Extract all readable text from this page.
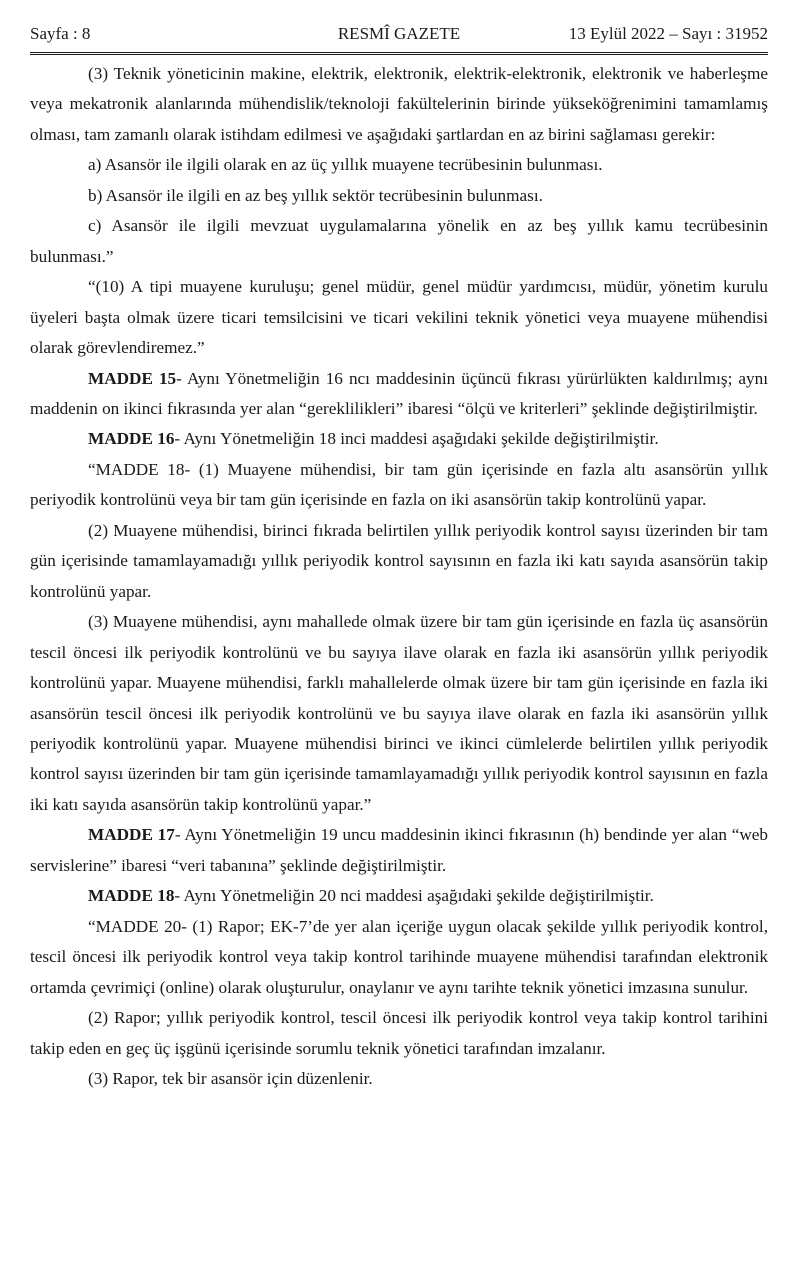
Sayfa : 8	RESMÎ GAZETE	13 Eylül 2022 – Sayı : 31952

(3) Teknik yöneticinin makine, elektrik, elektronik, elektrik-elektronik, elektronik ve haberleşme veya mekatronik alanlarında mühendislik/teknoloji fakültelerinin birinde yükseköğrenimini tamamlamış olması, tam zamanlı olarak istihdam edilmesi ve aşağıdaki şartlardan en az birini sağlaması gerekir:

a) Asansör ile ilgili olarak en az üç yıllık muayene tecrübesinin bulunması.

b) Asansör ile ilgili en az beş yıllık sektör tecrübesinin bulunması.

c) Asansör ile ilgili mevzuat uygulamalarına yönelik en az beş yıllık kamu tecrübesinin bulunması.”

“(10) A tipi muayene kuruluşu; genel müdür, genel müdür yardımcısı, müdür, yönetim kurulu üyeleri başta olmak üzere ticari temsilcisini ve ticari vekilini teknik yönetici veya muayene mühendisi olarak görevlendiremez.”

MADDE 15- Aynı Yönetmeliğin 16 ncı maddesinin üçüncü fıkrası yürürlükten kaldırılmış; aynı maddenin on ikinci fıkrasında yer alan “gereklilikleri” ibaresi “ölçü ve kriterleri” şeklinde değiştirilmiştir.

MADDE 16- Aynı Yönetmeliğin 18 inci maddesi aşağıdaki şekilde değiştirilmiştir.

“MADDE 18- (1) Muayene mühendisi, bir tam gün içerisinde en fazla altı asansörün yıllık periyodik kontrolünü veya bir tam gün içerisinde en fazla on iki asansörün takip kontrolünü yapar.

(2) Muayene mühendisi, birinci fıkrada belirtilen yıllık periyodik kontrol sayısı üzerinden bir tam gün içerisinde tamamlayamadığı yıllık periyodik kontrol sayısının en fazla iki katı sayıda asansörün takip kontrolünü yapar.

(3) Muayene mühendisi, aynı mahallede olmak üzere bir tam gün içerisinde en fazla üç asansörün tescil öncesi ilk periyodik kontrolünü ve bu sayıya ilave olarak en fazla iki asansörün yıllık periyodik kontrolünü yapar. Muayene mühendisi, farklı mahallelerde olmak üzere bir tam gün içerisinde en fazla iki asansörün tescil öncesi ilk periyodik kontrolünü ve bu sayıya ilave olarak en fazla iki asansörün yıllık periyodik kontrolünü yapar. Muayene mühendisi birinci ve ikinci cümlelerde belirtilen yıllık periyodik kontrol sayısı üzerinden bir tam gün içerisinde tamamlayamadığı yıllık periyodik kontrol sayısının en fazla iki katı sayıda asansörün takip kontrolünü yapar.”

MADDE 17- Aynı Yönetmeliğin 19 uncu maddesinin ikinci fıkrasının (h) bendinde yer alan “web servislerine” ibaresi “veri tabanına” şeklinde değiştirilmiştir.

MADDE 18- Aynı Yönetmeliğin 20 nci maddesi aşağıdaki şekilde değiştirilmiştir.

“MADDE 20- (1) Rapor; EK-7’de yer alan içeriğe uygun olacak şekilde yıllık periyodik kontrol, tescil öncesi ilk periyodik kontrol veya takip kontrol tarihinde muayene mühendisi tarafından elektronik ortamda çevrimiçi (online) olarak oluşturulur, onaylanır ve aynı tarihte teknik yönetici imzasına sunulur.

(2) Rapor; yıllık periyodik kontrol, tescil öncesi ilk periyodik kontrol veya takip kontrol tarihini takip eden en geç üç işgünü içerisinde sorumlu teknik yönetici tarafından imzalanır.

(3) Rapor, tek bir asansör için düzenlenir.
